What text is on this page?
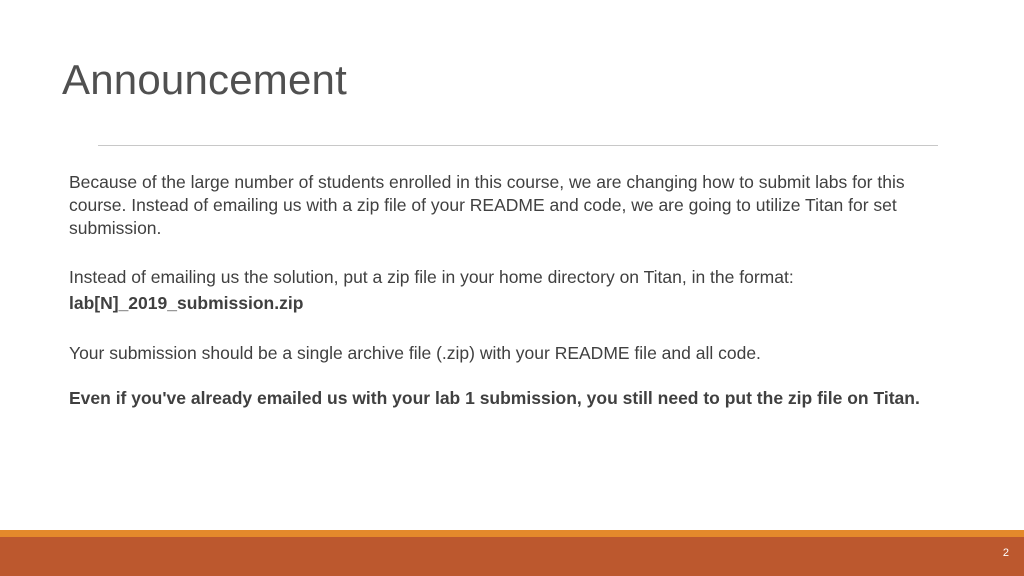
Announcement

Because of the large number of students enrolled in this course, we are changing how to submit labs for this course. Instead of emailing us with a zip file of your README and code, we are going to utilize Titan for set submission.

Instead of emailing us the solution, put a zip file in your home directory on Titan, in the format:

lab[N]_2019_submission.zip

Your submission should be a single archive file (.zip) with your README file and all code.

Even if you've already emailed us with your lab 1 submission, you still need to put the zip file on Titan.

2
